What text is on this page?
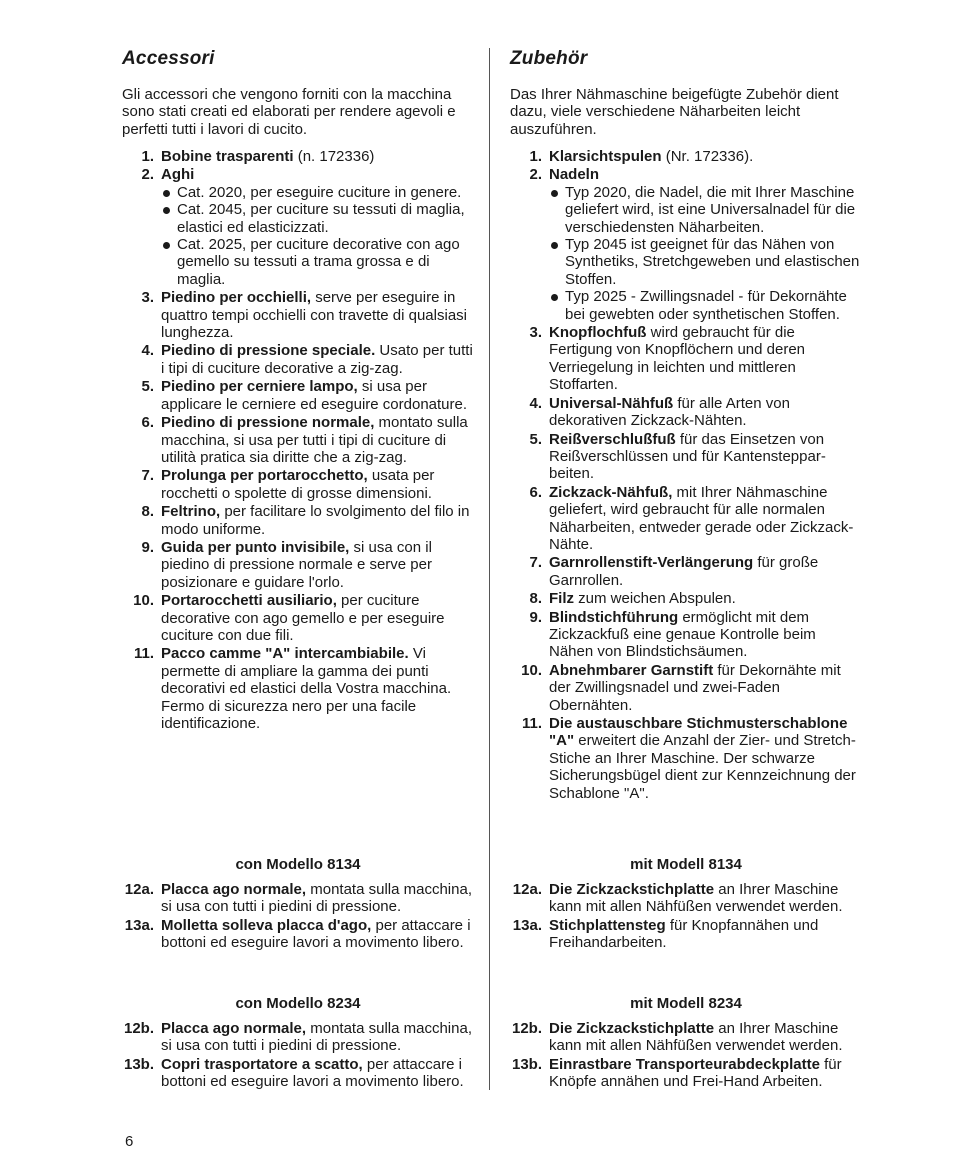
Accessori
Gli accessori che vengono forniti con la macchina sono stati creati ed elaborati per rendere agevoli e perfetti tutti i lavori di cucito.
1. Bobine trasparenti (n. 172336)
2. Aghi
Cat. 2020, per eseguire cuciture in genere.
Cat. 2045, per cuciture su tessuti di maglia, elastici ed elasticizzati.
Cat. 2025, per cuciture decorative con ago gemello su tessuti a trama grossa e di maglia.
3. Piedino per occhielli, serve per eseguire in quattro tempi occhielli con travette di qualsiasi lunghezza.
4. Piedino di pressione speciale. Usato per tutti i tipi di cuciture decorative a zig-zag.
5. Piedino per cerniere lampo, si usa per applicare le cerniere ed eseguire cordonature.
6. Piedino di pressione normale, montato sulla macchina, si usa per tutti i tipi di cuciture di utilità pratica sia diritte che a zig-zag.
7. Prolunga per portarocchetto, usata per rocchetti o spolette di grosse dimensioni.
8. Feltrino, per facilitare lo svolgimento del filo in modo uniforme.
9. Guida per punto invisibile, si usa con il piedino di pressione normale e serve per posizionare e guidare l'orlo.
10. Portarocchetti ausiliario, per cuciture decorative con ago gemello e per eseguire cuciture con due fili.
11. Pacco camme "A" intercambiabile. Vi permette di ampliare la gamma dei punti decorativi ed elastici della Vostra macchina. Fermo di sicurezza nero per una facile identificazione.
con Modello 8134
12a. Placca ago normale, montata sulla macchina, si usa con tutti i piedini di pressione.
13a. Molletta solleva placca d'ago, per attaccare i bottoni ed eseguire lavori a movimento libero.
con Modello 8234
12b. Placca ago normale, montata sulla macchina, si usa con tutti i piedini di pressione.
13b. Copri trasportatore a scatto, per attaccare i bottoni ed eseguire lavori a movimento libero.
Zubehör
Das Ihrer Nähmaschine beigefügte Zubehör dient dazu, viele verschiedene Näharbeiten leicht auszuführen.
1. Klarsichtspulen (Nr. 172336).
2. Nadeln
Typ 2020, die Nadel, die mit Ihrer Maschine geliefert wird, ist eine Universalnadel für die verschiedensten Näharbeiten.
Typ 2045 ist geeignet für das Nähen von Synthetiks, Stretchgeweben und elastischen Stoffen.
Typ 2025 - Zwillingsnadel - für Dekornähte bei gewebten oder synthetischen Stoffen.
3. Knopflochfuß wird gebraucht für die Fertigung von Knopflöchern und deren Verriegelung in leichten und mittleren Stoffarten.
4. Universal-Nähfuß für alle Arten von dekorativen Zickzack-Nähten.
5. Reißverschlußfuß für das Einsetzen von Reißverschlüssen und für Kantenstepparbeiten.
6. Zickzack-Nähfuß, mit Ihrer Nähmaschine geliefert, wird gebraucht für alle normalen Näharbeiten, entweder gerade oder Zickzack-Nähte.
7. Garnrollenstift-Verlängerung für große Garnrollen.
8. Filz zum weichen Abspulen.
9. Blindstichführung ermöglicht mit dem Zickzackfuß eine genaue Kontrolle beim Nähen von Blindstichsäumen.
10. Abnehmbarer Garnstift für Dekornähte mit der Zwillingsnadel und zwei-Faden Obernähten.
11. Die austauschbare Stichmusterschablone "A" erweitert die Anzahl der Zier- und Stretch-Stiche an Ihrer Maschine. Der schwarze Sicherungsbügel dient zur Kennzeichnung der Schablone "A".
mit Modell 8134
12a. Die Zickzackstichplatte an Ihrer Maschine kann mit allen Nähfüßen verwendet werden.
13a. Stichplattensteg für Knopfannähen und Freihandarbeiten.
mit Modell 8234
12b. Die Zickzackstichplatte an Ihrer Maschine kann mit allen Nähfüßen verwendet werden.
13b. Einrastbare Transporteurabdeckplatte für Knöpfe annähen und Frei-Hand Arbeiten.
6
